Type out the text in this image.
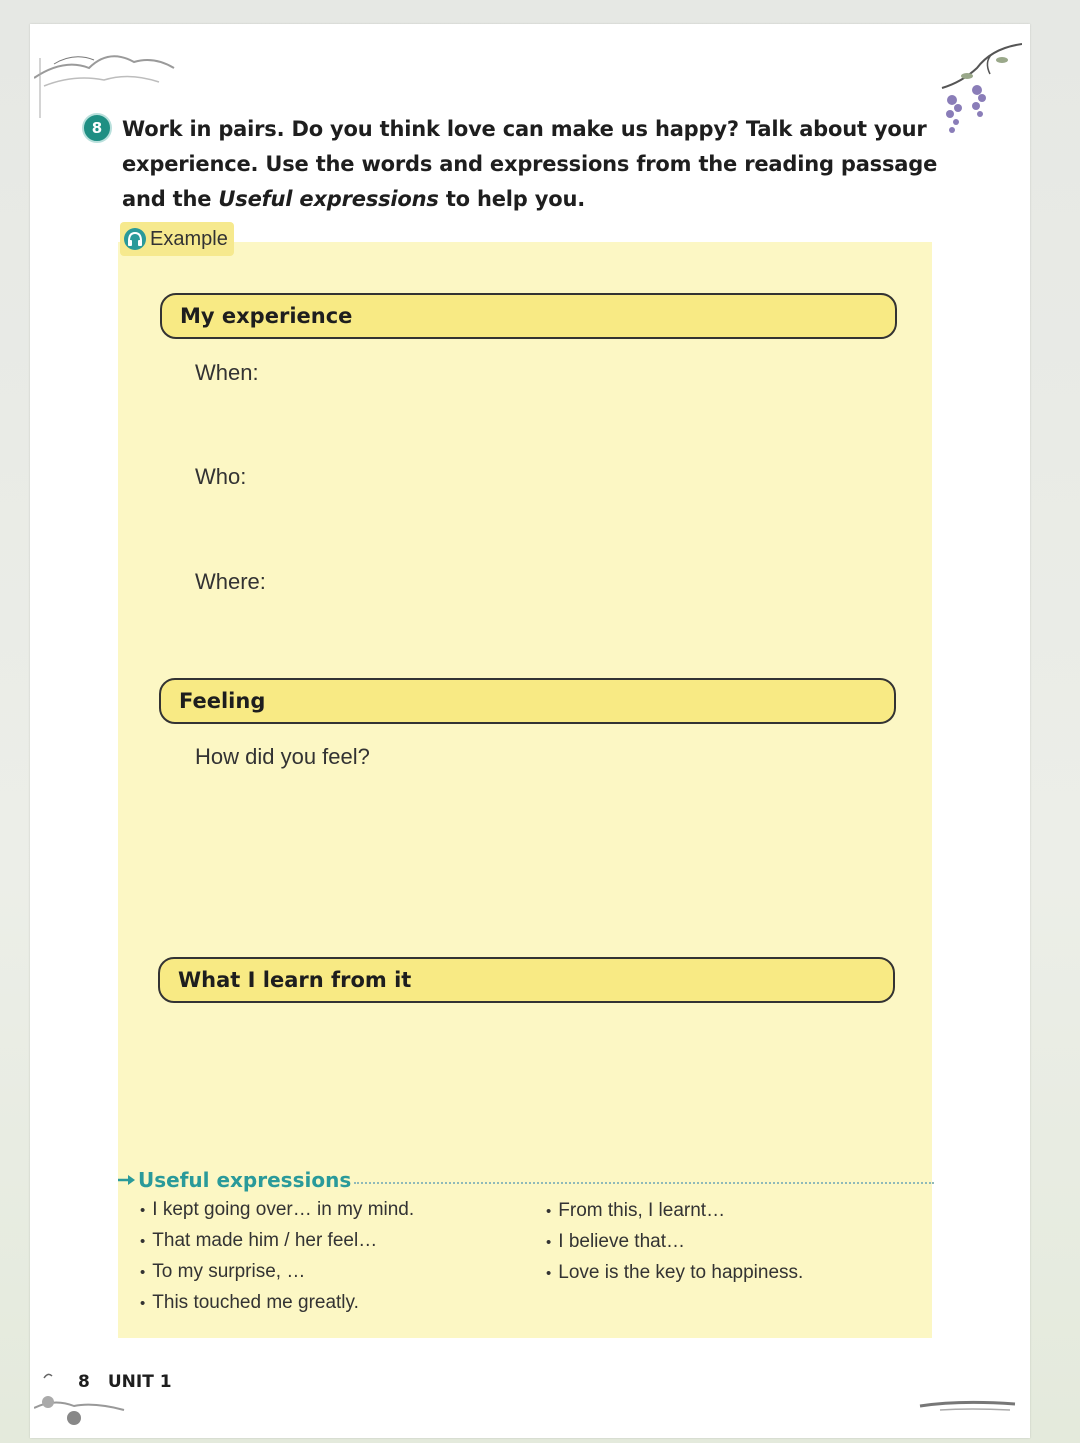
8 Work in pairs. Do you think love can make us happy? Talk about your experience. Use the words and expressions from the reading passage and the Useful expressions to help you.
Example
My experience
When:
Who:
Where:
Feeling
How did you feel?
What I learn from it
Useful expressions
• I kept going over… in my mind.
• That made him / her feel…
• To my surprise, …
• This touched me greatly.
• From this, I learnt…
• I believe that…
• Love is the key to happiness.
8 UNIT 1
